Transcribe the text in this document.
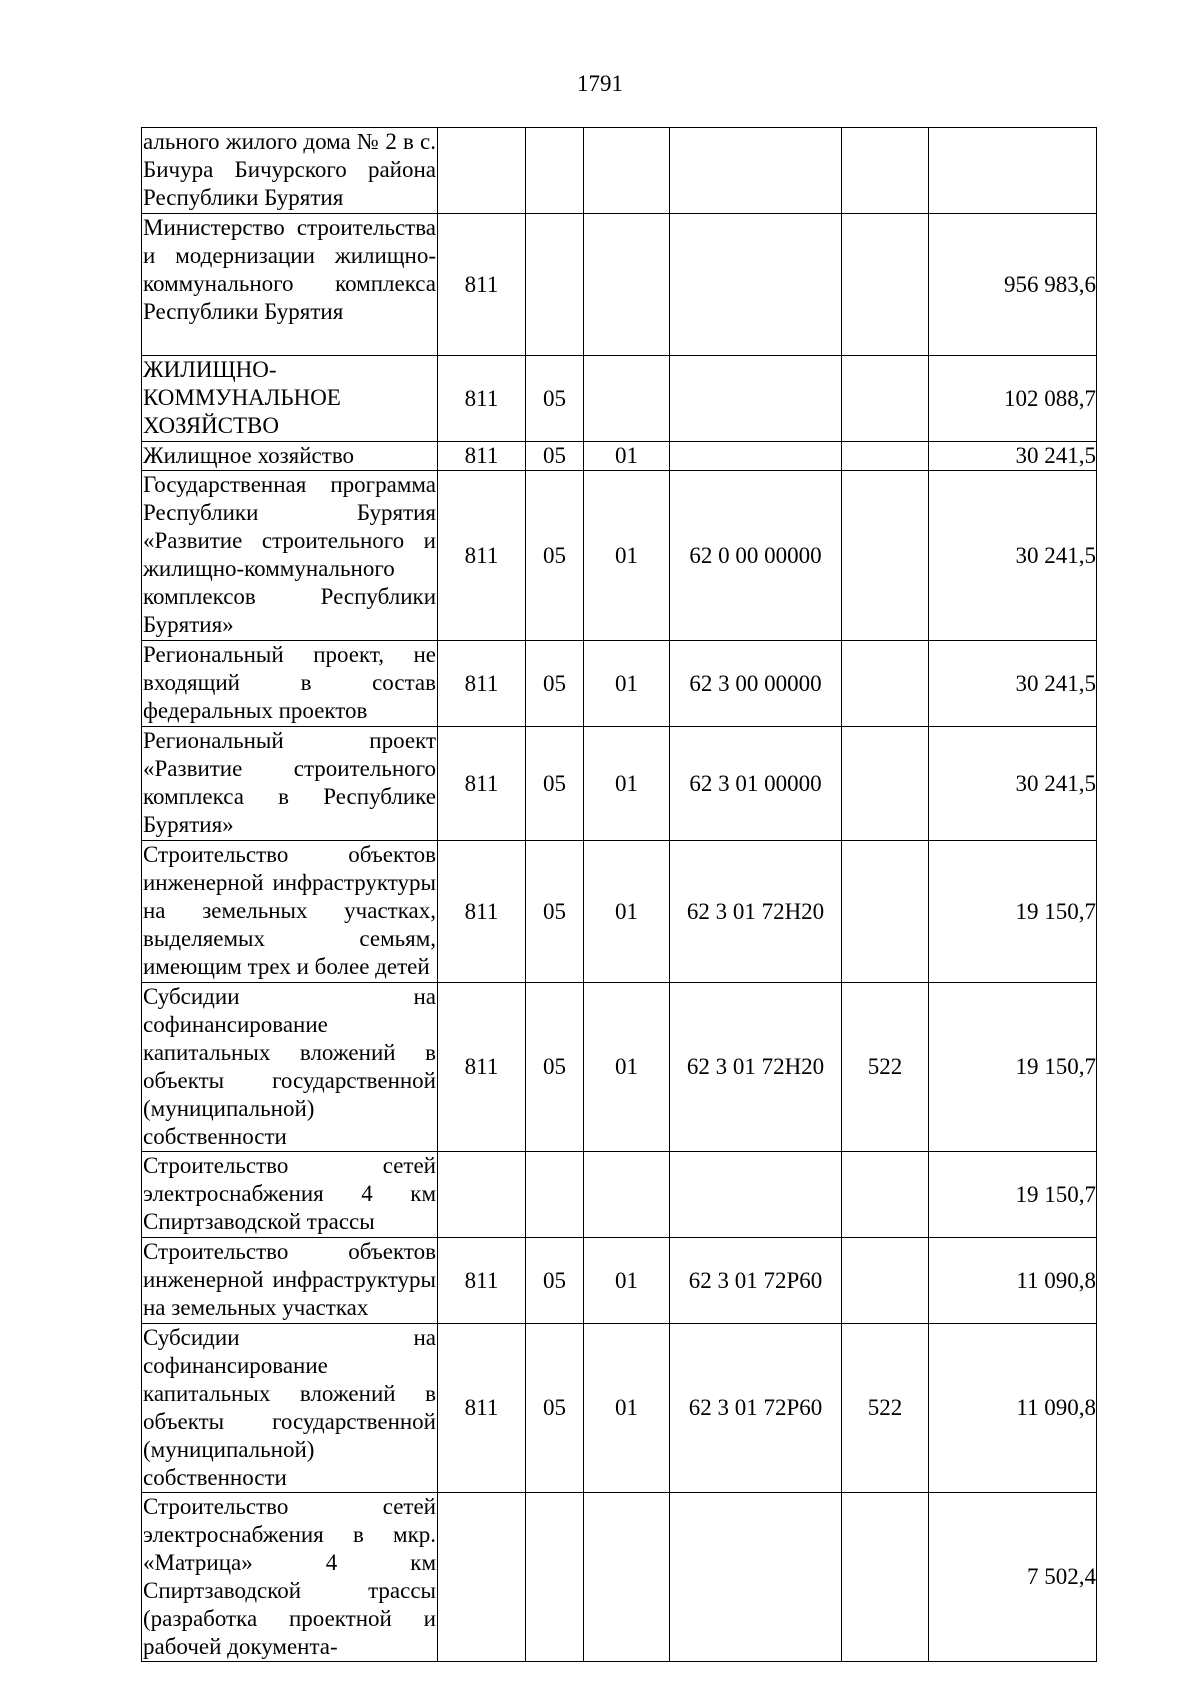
1791
ального жилого дома № 2 в с. Бичура Бичурского района Республики Бурятия						

Министерство строительства и модернизации жилищно-коммунального комплекса Республики Бурятия	811					956 983,6

ЖИЛИЩНО-КОММУНАЛЬНОЕ ХОЗЯЙСТВО	811	05				102 088,7

Жилищное хозяйство	811	05	01			30 241,5

Государственная программа Республики Бурятия «Развитие строительного и жилищно-коммунального комплексов Республики Бурятия»	811	05	01	62 0 00 00000		30 241,5

Региональный проект, не входящий в состав федеральных проектов	811	05	01	62 3 00 00000		30 241,5

Региональный проект «Развитие строительного комплекса в Республике Бурятия»	811	05	01	62 3 01 00000		30 241,5

Строительство объектов инженерной инфраструктуры на земельных участках, выделяемых семьям, имеющим трех и более детей	811	05	01	62 3 01 72Н20		19 150,7

Субсидии на софинансирование капитальных вложений в объекты государственной (муниципальной) собственности	811	05	01	62 3 01 72Н20	522	19 150,7

Строительство сетей электроснабжения 4 км Спиртзаводской трассы						19 150,7

Строительство объектов инженерной инфраструктуры на земельных участках	811	05	01	62 3 01 72Р60		11 090,8

Субсидии на софинансирование капитальных вложений в объекты государственной (муниципальной) собственности	811	05	01	62 3 01 72Р60	522	11 090,8

Строительство сетей электроснабжения в мкр. «Матрица» 4 км Спиртзаводской трассы (разработка проектной и рабочей документа-						7 502,4
